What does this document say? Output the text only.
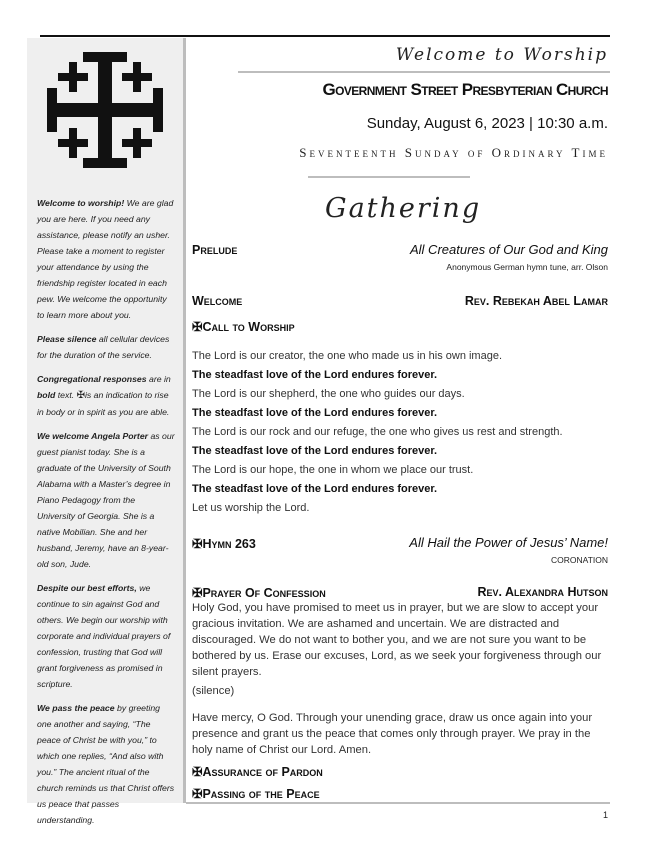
Welcome to worship! We are glad you are here. If you need any assistance, please notify an usher. Please take a moment to register your attendance by using the friendship register located in each pew. We welcome the opportunity to learn more about you.

Please silence all cellular devices for the duration of the service.

Congregational responses are in bold text. ✠is an indication to rise in body or in spirit as you are able.

We welcome Angela Porter as our guest pianist today. She is a graduate of the University of South Alabama with a Master’s degree in Piano Pedagogy from the University of Georgia. She is a native Mobilian. She and her husband, Jeremy, have an 8-year-old son, Jude.

Despite our best efforts, we continue to sin against God and others. We begin our worship with corporate and individual prayers of confession, trusting that God will grant forgiveness as promised in scripture.

We pass the peace by greeting one another and saying, “The peace of Christ be with you,” to which one replies, “And also with you.” The ancient ritual of the church reminds us that Christ offers us peace that passes understanding.

Welcome to Worship
Government Street Presbyterian Church
Sunday, August 6, 2023 | 10:30 a.m.
Seventeenth Sunday of Ordinary Time
Gathering
Prelude	All Creatures of Our God and King
Anonymous German hymn tune, arr. Olson
Welcome	Rev. Rebekah Abel Lamar
✠Call to Worship
The Lord is our creator, the one who made us in his own image.
The steadfast love of the Lord endures forever.
The Lord is our shepherd, the one who guides our days.
The steadfast love of the Lord endures forever.
The Lord is our rock and our refuge, the one who gives us rest and strength.
The steadfast love of the Lord endures forever.
The Lord is our hope, the one in whom we place our trust.
The steadfast love of the Lord endures forever.
Let us worship the Lord.
✠Hymn 263	All Hail the Power of Jesus’ Name!
CORONATION
✠Prayer Of Confession	Rev. Alexandra Hutson
Holy God, you have promised to meet us in prayer, but we are slow to accept your gracious invitation. We are ashamed and uncertain. We are distracted and discouraged. We do not want to bother you, and we are not sure you want to be bothered by us. Erase our excuses, Lord, as we seek your forgiveness through our silent prayers.
(silence)
Have mercy, O God. Through your unending grace, draw us once again into your presence and grant us the peace that comes only through prayer. We pray in the holy name of Christ our Lord. Amen.
✠Assurance of Pardon
✠Passing of the Peace
1
